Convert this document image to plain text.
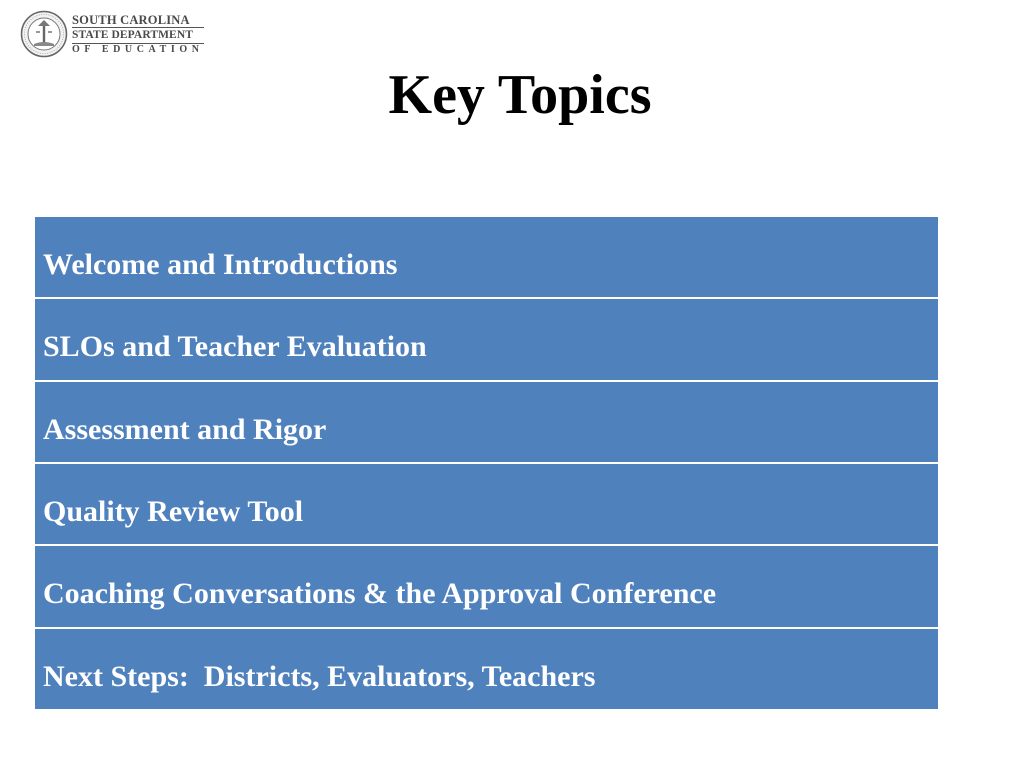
SOUTH CAROLINA
STATE DEPARTMENT
OF EDUCATION
Key Topics
Welcome and Introductions
SLOs and Teacher Evaluation
Assessment and Rigor
Quality Review Tool
Coaching Conversations & the Approval Conference
Next Steps:  Districts, Evaluators, Teachers
